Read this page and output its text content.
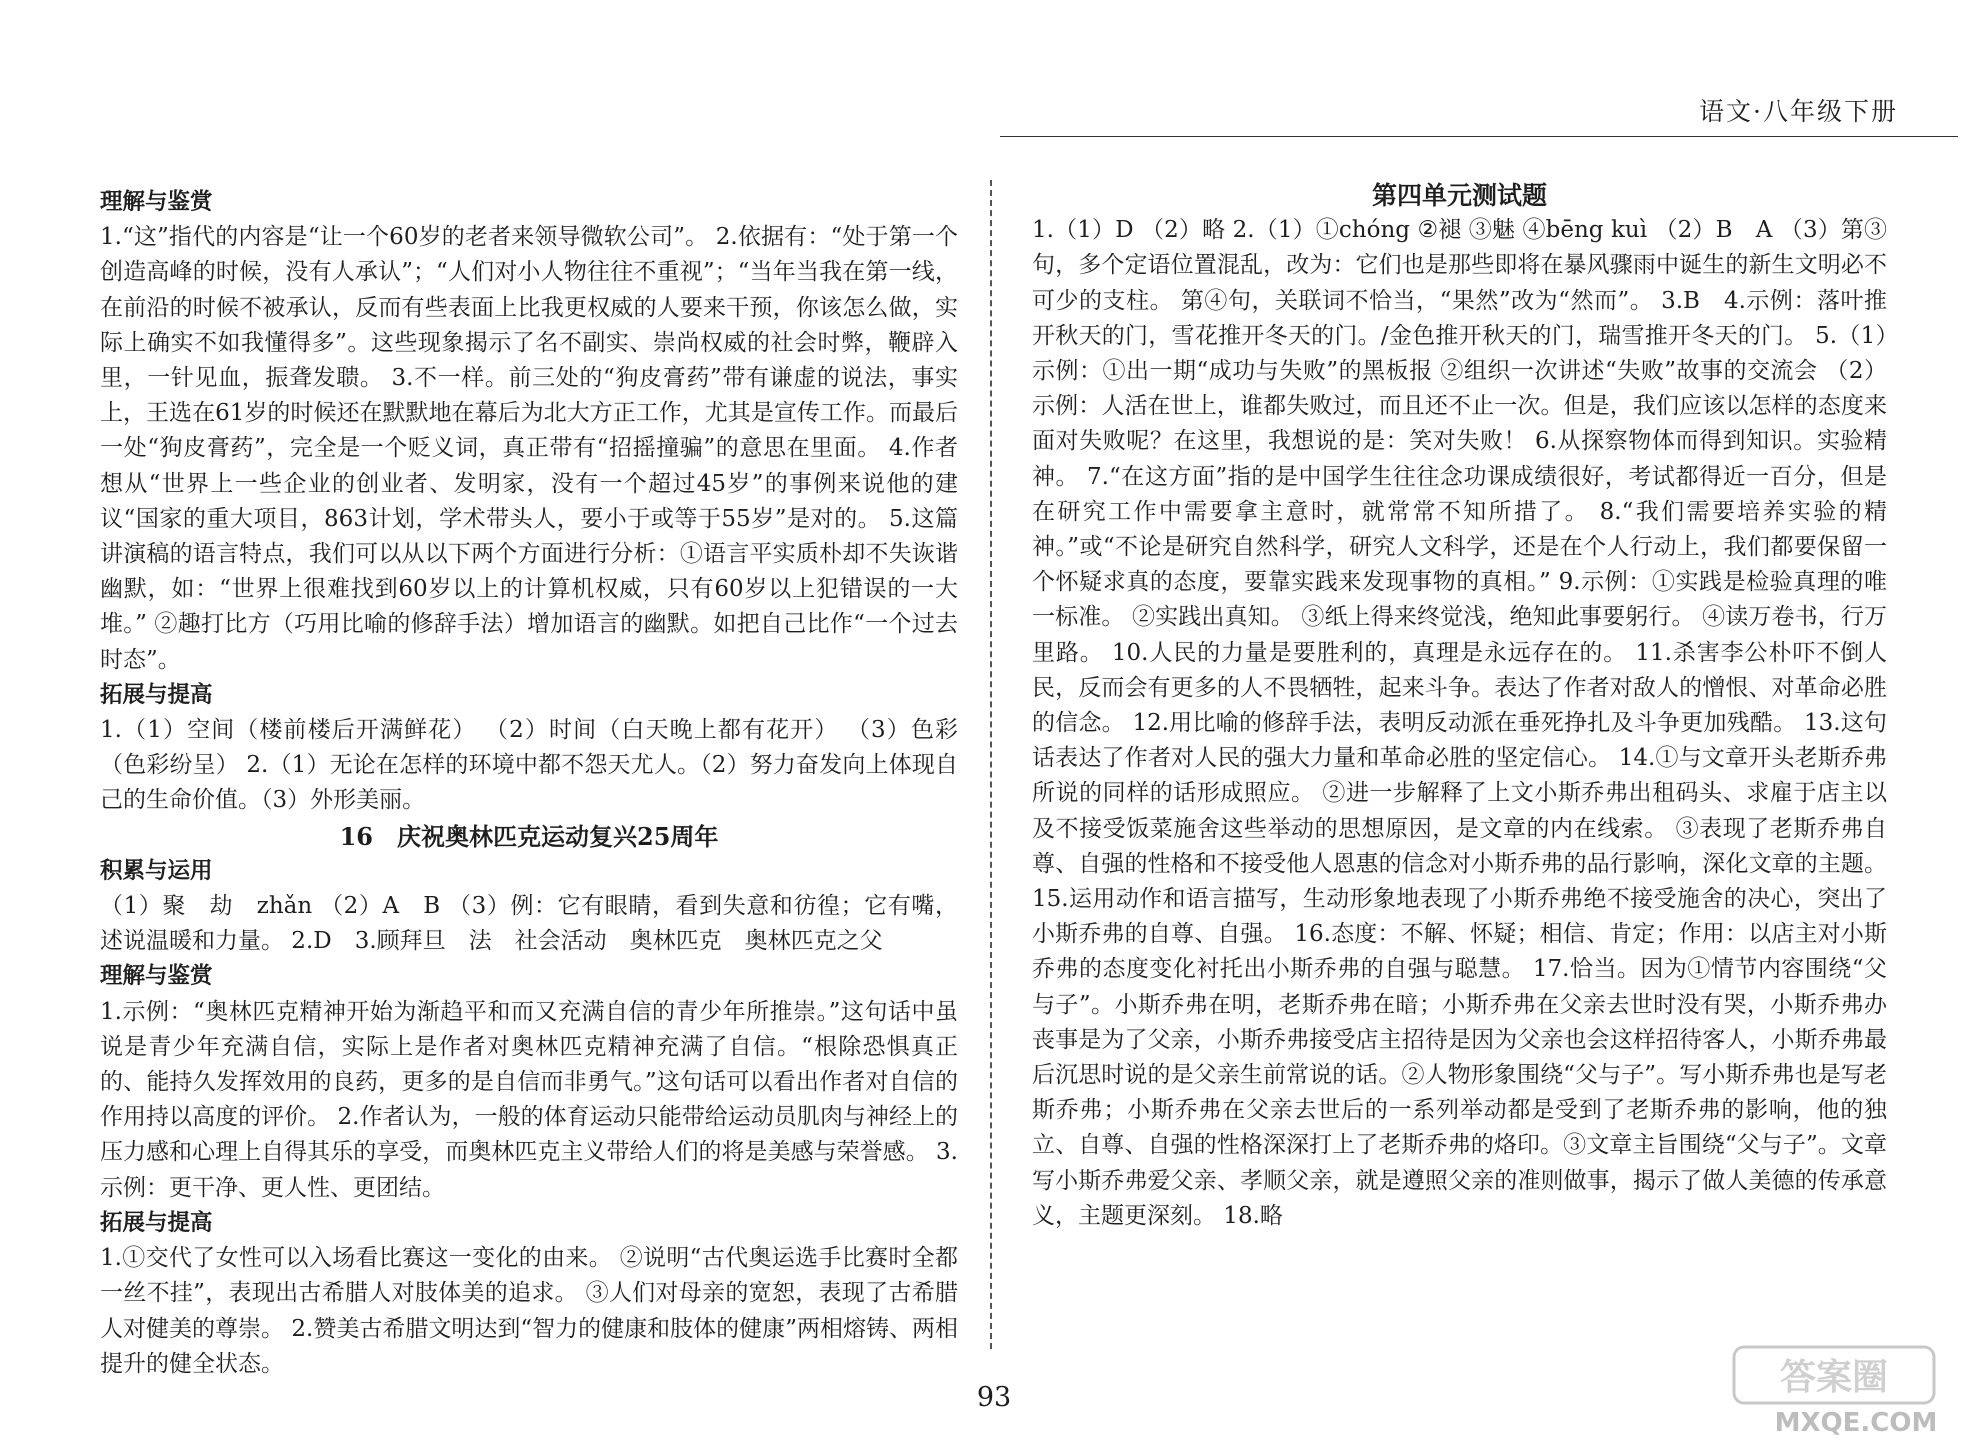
语文·八年级下册
理解与鉴赏

1.“这”指代的内容是“让一个60岁的老者来领导微软公司”。 2.依据有：“处于第一个创造高峰的时候，没有人承认”；“人们对小人物往往不重视”；“当年当我在第一线，在前沿的时候不被承认，反而有些表面上比我更权威的人要来干预，你该怎么做，实际上确实不如我懂得多”。这些现象揭示了名不副实、崇尚权威的社会时弊，鞭辟入里，一针见血，振聋发聩。 3.不一样。前三处的“狗皮膏药”带有谦虚的说法，事实上，王选在61岁的时候还在默默地在幕后为北大方正工作，尤其是宣传工作。而最后一处“狗皮膏药”，完全是一个贬义词，真正带有“招摇撞骗”的意思在里面。 4.作者想从“世界上一些企业的创业者、发明家，没有一个超过45岁”的事例来说他的建议“国家的重大项目，863计划，学术带头人，要小于或等于55岁”是对的。 5.这篇讲演稿的语言特点，我们可以从以下两个方面进行分析：①语言平实质朴却不失诙谐幽默，如：“世界上很难找到60岁以上的计算机权威，只有60岁以上犯错误的一大堆。” ②趣打比方（巧用比喻的修辞手法）增加语言的幽默。如把自己比作“一个过去时态”。

拓展与提高

1.（1）空间（楼前楼后开满鲜花） （2）时间（白天晚上都有花开） （3）色彩（色彩纷呈） 2.（1）无论在怎样的环境中都不怨天尤人。（2）努力奋发向上体现自己的生命价值。（3）外形美丽。

16　庆祝奥林匹克运动复兴25周年
积累与运用

（1）聚　劫　zhǎn （2）A　B （3）例：它有眼睛，看到失意和彷徨；它有嘴，述说温暖和力量。 2.D　3.顾拜旦　法　社会活动　奥林匹克　奥林匹克之父

理解与鉴赏

1.示例：“奥林匹克精神开始为渐趋平和而又充满自信的青少年所推崇。”这句话中虽说是青少年充满自信，实际上是作者对奥林匹克精神充满了自信。“根除恐惧真正的、能持久发挥效用的良药，更多的是自信而非勇气。”这句话可以看出作者对自信的作用持以高度的评价。 2.作者认为，一般的体育运动只能带给运动员肌肉与神经上的压力感和心理上自得其乐的享受，而奥林匹克主义带给人们的将是美感与荣誉感。 3.示例：更干净、更人性、更团结。

拓展与提高

1.①交代了女性可以入场看比赛这一变化的由来。 ②说明“古代奥运选手比赛时全都一丝不挂”，表现出古希腊人对肢体美的追求。 ③人们对母亲的宽恕，表现了古希腊人对健美的尊崇。 2.赞美古希腊文明达到“智力的健康和肢体的健康”两相熔铸、两相提升的健全状态。

第四单元测试题

1.（1）D （2）略 2.（1）①chóng ②褪 ③魅 ④bēng kuì （2）B　A （3）第③句，多个定语位置混乱，改为：它们也是那些即将在暴风骤雨中诞生的新生文明必不可少的支柱。 第④句，关联词不恰当，“果然”改为“然而”。 3.B　4.示例：落叶推开秋天的门，雪花推开冬天的门。/金色推开秋天的门，瑞雪推开冬天的门。 5.（1）示例：①出一期“成功与失败”的黑板报 ②组织一次讲述“失败”故事的交流会 （2）示例：人活在世上，谁都失败过，而且还不止一次。但是，我们应该以怎样的态度来面对失败呢？在这里，我想说的是：笑对失败！ 6.从探察物体而得到知识。实验精神。 7.“在这方面”指的是中国学生往往念功课成绩很好，考试都得近一百分，但是在研究工作中需要拿主意时，就常常不知所措了。 8.“我们需要培养实验的精神。”或“不论是研究自然科学，研究人文科学，还是在个人行动上，我们都要保留一个怀疑求真的态度，要靠实践来发现事物的真相。” 9.示例：①实践是检验真理的唯一标准。 ②实践出真知。 ③纸上得来终觉浅，绝知此事要躬行。 ④读万卷书，行万里路。 10.人民的力量是要胜利的，真理是永远存在的。 11.杀害李公朴吓不倒人民，反而会有更多的人不畏牺牲，起来斗争。表达了作者对敌人的憎恨、对革命必胜的信念。 12.用比喻的修辞手法，表明反动派在垂死挣扎及斗争更加残酷。 13.这句话表达了作者对人民的强大力量和革命必胜的坚定信心。 14.①与文章开头老斯乔弗所说的同样的话形成照应。 ②进一步解释了上文小斯乔弗出租码头、求雇于店主以及不接受饭菜施舍这些举动的思想原因，是文章的内在线索。 ③表现了老斯乔弗自尊、自强的性格和不接受他人恩惠的信念对小斯乔弗的品行影响，深化文章的主题。 15.运用动作和语言描写，生动形象地表现了小斯乔弗绝不接受施舍的决心，突出了小斯乔弗的自尊、自强。 16.态度：不解、怀疑；相信、肯定；作用：以店主对小斯乔弗的态度变化衬托出小斯乔弗的自强与聪慧。 17.恰当。因为①情节内容围绕“父与子”。小斯乔弗在明，老斯乔弗在暗；小斯乔弗在父亲去世时没有哭，小斯乔弗办丧事是为了父亲，小斯乔弗接受店主招待是因为父亲也会这样招待客人，小斯乔弗最后沉思时说的是父亲生前常说的话。②人物形象围绕“父与子”。写小斯乔弗也是写老斯乔弗；小斯乔弗在父亲去世后的一系列举动都是受到了老斯乔弗的影响，他的独立、自尊、自强的性格深深打上了老斯乔弗的烙印。③文章主旨围绕“父与子”。文章写小斯乔弗爱父亲、孝顺父亲，就是遵照父亲的准则做事，揭示了做人美德的传承意义，主题更深刻。 18.略

93	答案圈
MXQE.COM
